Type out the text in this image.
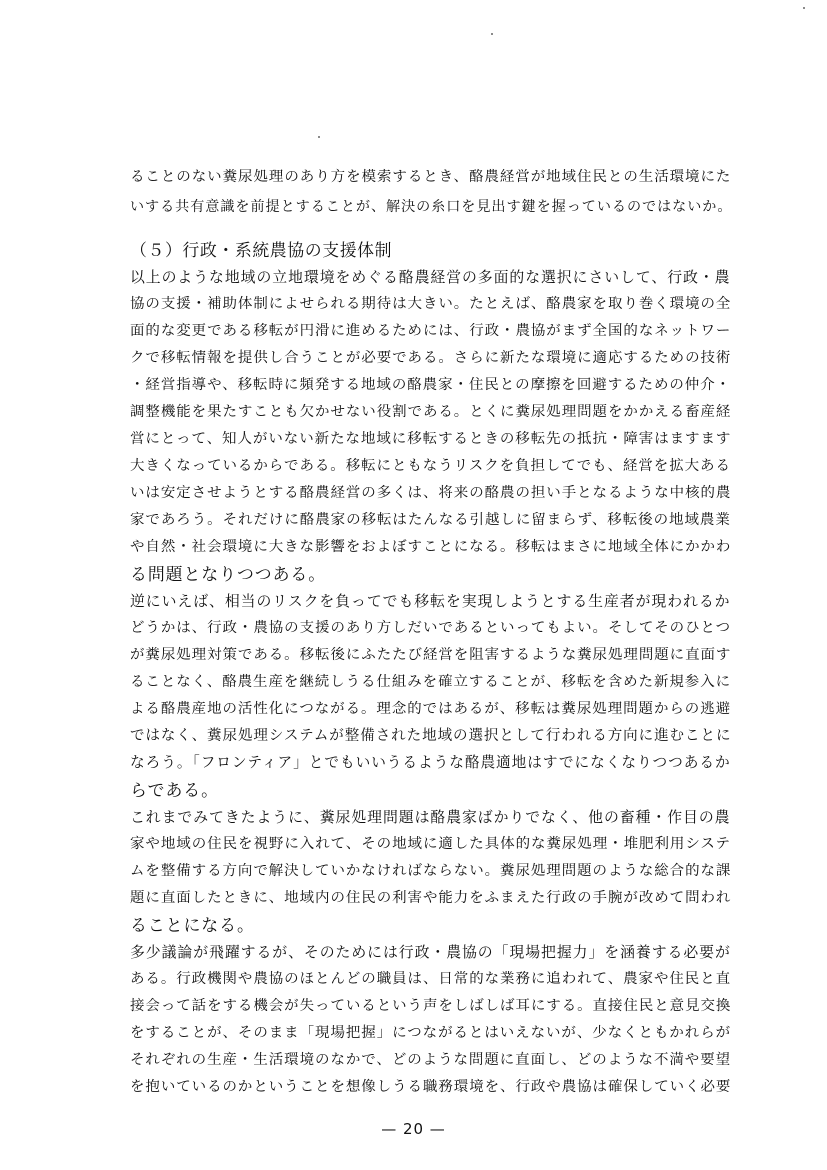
ることのない糞尿処理のあり方を模索するとき、酪農経営が地域住民との生活環境にた
いする共有意識を前提とすることが、解決の糸口を見出す鍵を握っているのではないか。
（５）行政・系統農協の支援体制
以上のような地域の立地環境をめぐる酪農経営の多面的な選択にさいして、行政・農
協の支援・補助体制によせられる期待は大きい。たとえば、酪農家を取り巻く環境の全
面的な変更である移転が円滑に進めるためには、行政・農協がまず全国的なネットワー
クで移転情報を提供し合うことが必要である。さらに新たな環境に適応するための技術
・経営指導や、移転時に頻発する地域の酪農家・住民との摩擦を回避するための仲介・
調整機能を果たすことも欠かせない役割である。とくに糞尿処理問題をかかえる畜産経
営にとって、知人がいない新たな地域に移転するときの移転先の抵抗・障害はますます
大きくなっているからである。移転にともなうリスクを負担してでも、経営を拡大ある
いは安定させようとする酪農経営の多くは、将来の酪農の担い手となるような中核的農
家であろう。それだけに酪農家の移転はたんなる引越しに留まらず、移転後の地域農業
や自然・社会環境に大きな影響をおよぼすことになる。移転はまさに地域全体にかかわ
る問題となりつつある。
逆にいえば、相当のリスクを負ってでも移転を実現しようとする生産者が現われるか
どうかは、行政・農協の支援のあり方しだいであるといってもよい。そしてそのひとつ
が糞尿処理対策である。移転後にふたたび経営を阻害するような糞尿処理問題に直面す
ることなく、酪農生産を継続しうる仕組みを確立することが、移転を含めた新規参入に
よる酪農産地の活性化につながる。理念的ではあるが、移転は糞尿処理問題からの逃避
ではなく、糞尿処理システムが整備された地域の選択として行われる方向に進むことに
なろう。「フロンティア」とでもいいうるような酪農適地はすでになくなりつつあるか
らである。
これまでみてきたように、糞尿処理問題は酪農家ばかりでなく、他の畜種・作目の農
家や地域の住民を視野に入れて、その地域に適した具体的な糞尿処理・堆肥利用システ
ムを整備する方向で解決していかなければならない。糞尿処理問題のような総合的な課
題に直面したときに、地域内の住民の利害や能力をふまえた行政の手腕が改めて問われ
ることになる。
多少議論が飛躍するが、そのためには行政・農協の「現場把握力」を涵養する必要が
ある。行政機関や農協のほとんどの職員は、日常的な業務に追われて、農家や住民と直
接会って話をする機会が失っているという声をしばしば耳にする。直接住民と意見交換
をすることが、そのまま「現場把握」につながるとはいえないが、少なくともかれらが
それぞれの生産・生活環境のなかで、どのような問題に直面し、どのような不満や要望
を抱いているのかということを想像しうる職務環境を、行政や農協は確保していく必要
— 20 —
